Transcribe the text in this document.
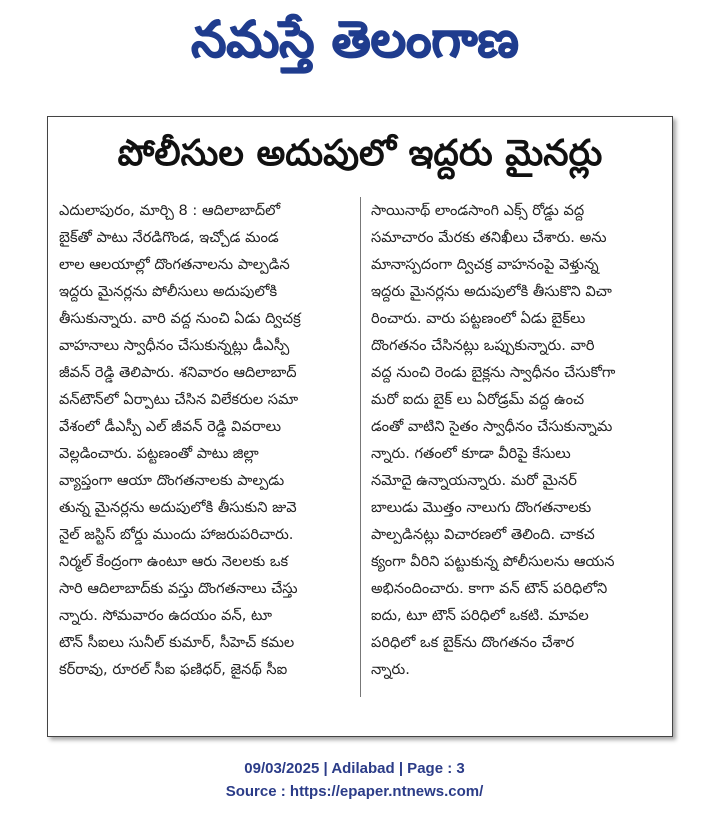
నమస్తే తెలంగాణ
పోలీసుల అదుపులో ఇద్దరు మైనర్లు
ఎదులాపురం, మార్చి 8 : ఆదిలాబాద్‌లో
బైక్‌తో పాటు నేరడిగొండ, ఇచ్చోడ మండ
లాల ఆలయాల్లో దొంగతనాలను పాల్పడిన
ఇద్దరు మైనర్లను పోలీసులు అదుపులోకి
తీసుకున్నారు. వారి వద్ద నుంచి ఏడు ద్విచక్ర
వాహనాలు స్వాధీనం చేసుకున్నట్లు డీఎస్పీ
జీవన్ రెడ్డి తెలిపారు. శనివారం ఆదిలాబాద్
వన్‌టౌన్‌లో ఏర్పాటు చేసిన విలేకరుల సమా
వేశంలో డీఎస్పీ ఎల్ జీవన్ రెడ్డి వివరాలు
వెల్లడించారు. పట్టణంతో పాటు జిల్లా
వ్యాప్తంగా ఆయా దొంగతనాలకు పాల్పడు
తున్న మైనర్లను అదుపులోకి తీసుకుని జువె
నైల్ జస్టిస్ బోర్డు ముందు హాజరుపరిచారు.
నిర్మల్ కేంద్రంగా ఉంటూ ఆరు నెలలకు ఒక
సారి ఆదిలాబాద్‌కు వస్తు దొంగతనాలు చేస్తు
న్నారు. సోమవారం ఉదయం వన్, టూ
టౌన్ సీఐలు సునీల్ కుమార్, సీహెచ్ కమల
కర్‌రావు, రూరల్ సీఐ ఫణిధర్, జైనథ్ సీఐ
సాయినాథ్ లాండసాంగి ఎక్స్ రోడ్డు వద్ద
సమాచారం మేరకు తనిఖీలు చేశారు. అను
మానాస్పదంగా ద్విచక్ర వాహనంపై వెళ్తున్న
ఇద్దరు మైనర్లను అదుపులోకి తీసుకొని విచా
రించారు. వారు పట్టణంలో ఏడు బైక్‌లు
దొంగతనం చేసినట్లు ఒప్పుకున్నారు. వారి
వద్ద నుంచి రెండు బైక్లను స్వాధీనం చేసుకోగా
మరో ఐదు బైక్ లు ఏరోడ్రమ్ వద్ద ఉంచ
డంతో వాటిని సైతం స్వాధీనం చేసుకున్నామ
న్నారు. గతంలో కూడా వీరిపై కేసులు
నమోదై ఉన్నాయన్నారు. మరో మైనర్
బాలుడు మొత్తం నాలుగు దొంగతనాలకు
పాల్పడినట్లు విచారణలో తెలింది. చాకచ
క్యంగా వీరిని పట్టుకున్న పోలీసులను ఆయన
అభినందించారు. కాగా వన్ టౌన్ పరిధిలోని
ఐదు, టూ టౌన్ పరిధిలో ఒకటి. మావల
పరిధిలో ఒక బైక్‌ను దొంగతనం చేశార
న్నారు.
09/03/2025 | Adilabad | Page : 3
Source : https://epaper.ntnews.com/
